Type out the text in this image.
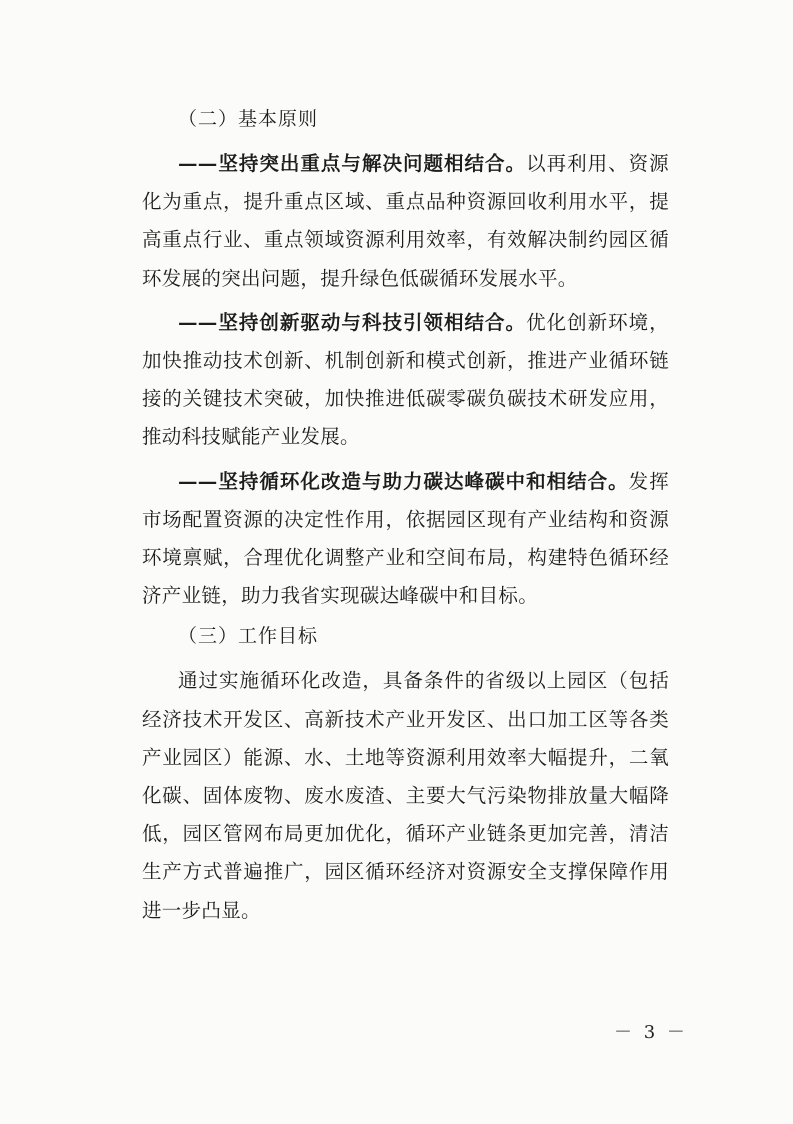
（二）基本原则

——坚持突出重点与解决问题相结合。以再利用、资源化为重点，提升重点区域、重点品种资源回收利用水平，提高重点行业、重点领域资源利用效率，有效解决制约园区循环发展的突出问题，提升绿色低碳循环发展水平。

——坚持创新驱动与科技引领相结合。优化创新环境，加快推动技术创新、机制创新和模式创新，推进产业循环链接的关键技术突破，加快推进低碳零碳负碳技术研发应用，推动科技赋能产业发展。

——坚持循环化改造与助力碳达峰碳中和相结合。发挥市场配置资源的决定性作用，依据园区现有产业结构和资源环境禀赋，合理优化调整产业和空间布局，构建特色循环经济产业链，助力我省实现碳达峰碳中和目标。

（三）工作目标

通过实施循环化改造，具备条件的省级以上园区（包括经济技术开发区、高新技术产业开发区、出口加工区等各类产业园区）能源、水、土地等资源利用效率大幅提升，二氧化碳、固体废物、废水废渣、主要大气污染物排放量大幅降低，园区管网布局更加优化，循环产业链条更加完善，清洁生产方式普遍推广，园区循环经济对资源安全支撑保障作用进一步凸显。

－ 3 －
